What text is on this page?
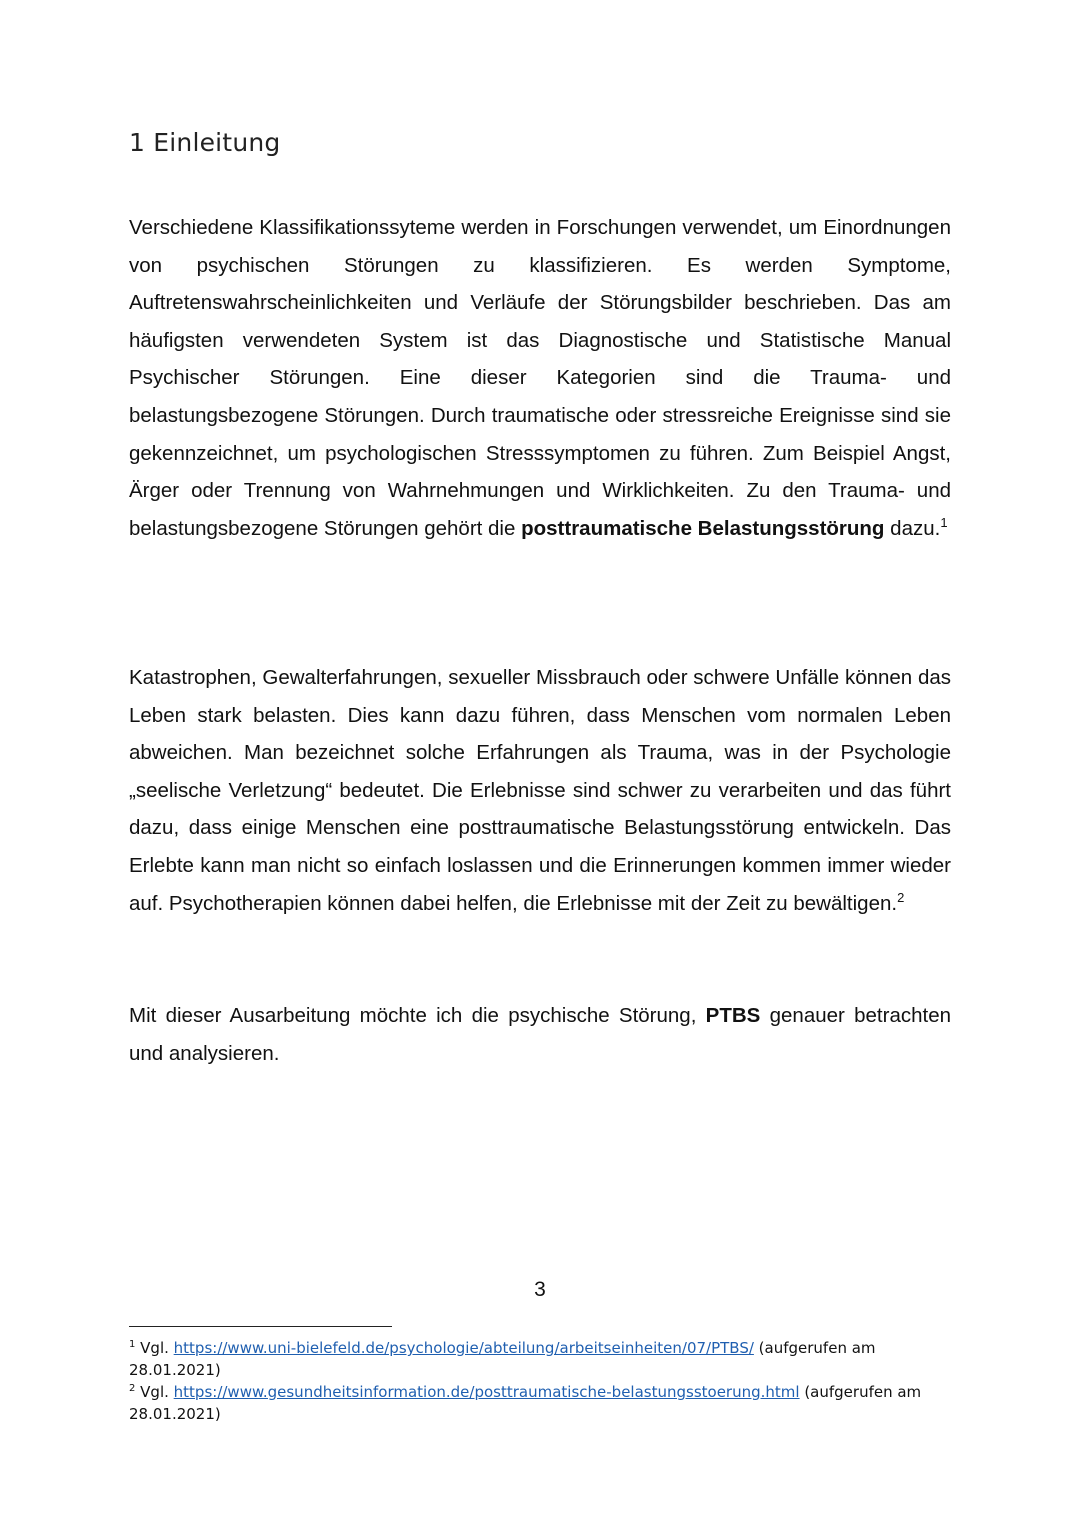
1 Einleitung

Verschiedene Klassifikationssyteme werden in Forschungen verwendet, um Einordnungen von psychischen Störungen zu klassifizieren. Es werden Symptome, Auftretenswahrscheinlichkeiten und Verläufe der Störungsbilder beschrieben. Das am häufigsten verwendeten System ist das Diagnostische und Statistische Manual Psychischer Störungen. Eine dieser Kategorien sind die Trauma- und belastungsbezogene Störungen. Durch traumatische oder stressreiche Ereignisse sind sie gekennzeichnet, um psychologischen Stresssymptomen zu führen. Zum Beispiel Angst, Ärger oder Trennung von Wahrnehmungen und Wirklichkeiten. Zu den Trauma- und belastungsbezogene Störungen gehört die posttraumatische Belastungsstörung dazu.$^1$

Katastrophen, Gewalterfahrungen, sexueller Missbrauch oder schwere Unfälle können das Leben stark belasten. Dies kann dazu führen, dass Menschen vom normalen Leben abweichen. Man bezeichnet solche Erfahrungen als Trauma, was in der Psychologie „seelische Verletzung“ bedeutet. Die Erlebnisse sind schwer zu verarbeiten und das führt dazu, dass einige Menschen eine posttraumatische Belastungsstörung entwickeln. Das Erlebte kann man nicht so einfach loslassen und die Erinnerungen kommen immer wieder auf. Psychotherapien können dabei helfen, die Erlebnisse mit der Zeit zu bewältigen.$^2$

Mit dieser Ausarbeitung möchte ich die psychische Störung, PTBS genauer betrachten und analysieren.

3

$^1$ Vgl. https://www.uni-bielefeld.de/psychologie/abteilung/arbeitseinheiten/07/PTBS/ (aufgerufen am
28.01.2021)

$^2$ Vgl. https://www.gesundheitsinformation.de/posttraumatische-belastungsstoerung.html (aufgerufen am
28.01.2021)
